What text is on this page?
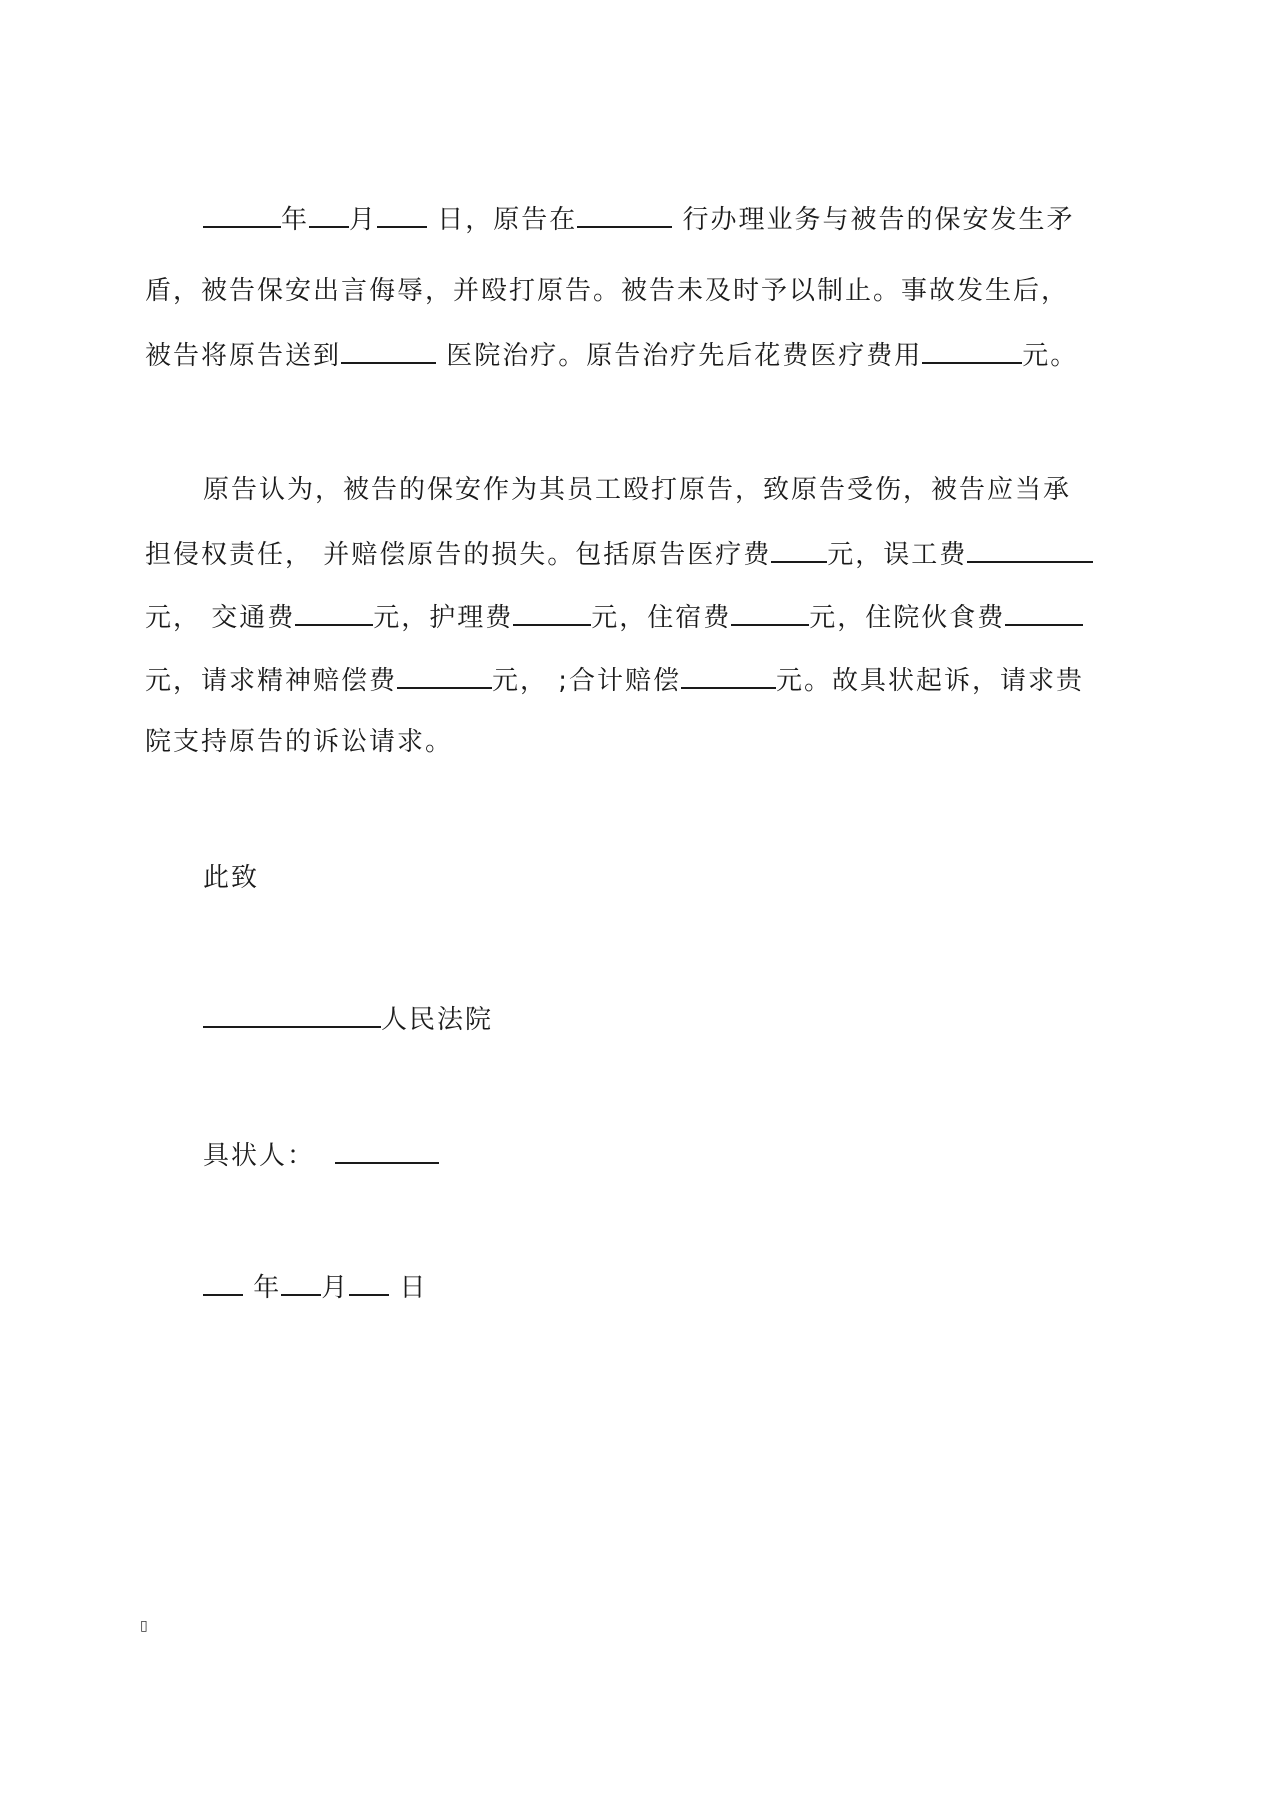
年 月 日，原告在	行办理业务与被告的保安发生矛
盾，被告保安出言侮辱，并殴打原告。被告未及时予以制止。事故发生后，
被告将原告送到	医院治疗。原告治疗先后花费医疗费用	元。
原告认为，被告的保安作为其员工殴打原告，致原告受伤，被告应当承
担侵权责任， 并赔偿原告的损失。包括原告医疗费 元，误工费
元， 交通费	元，护理费	元，住宿费	元，住院伙食费
元，请求精神赔偿费	元， ;合计赔偿	元。故具状起诉，请求贵
院支持原告的诉讼请求。
此致
人民法院
具状人：
年 月 日
▯
